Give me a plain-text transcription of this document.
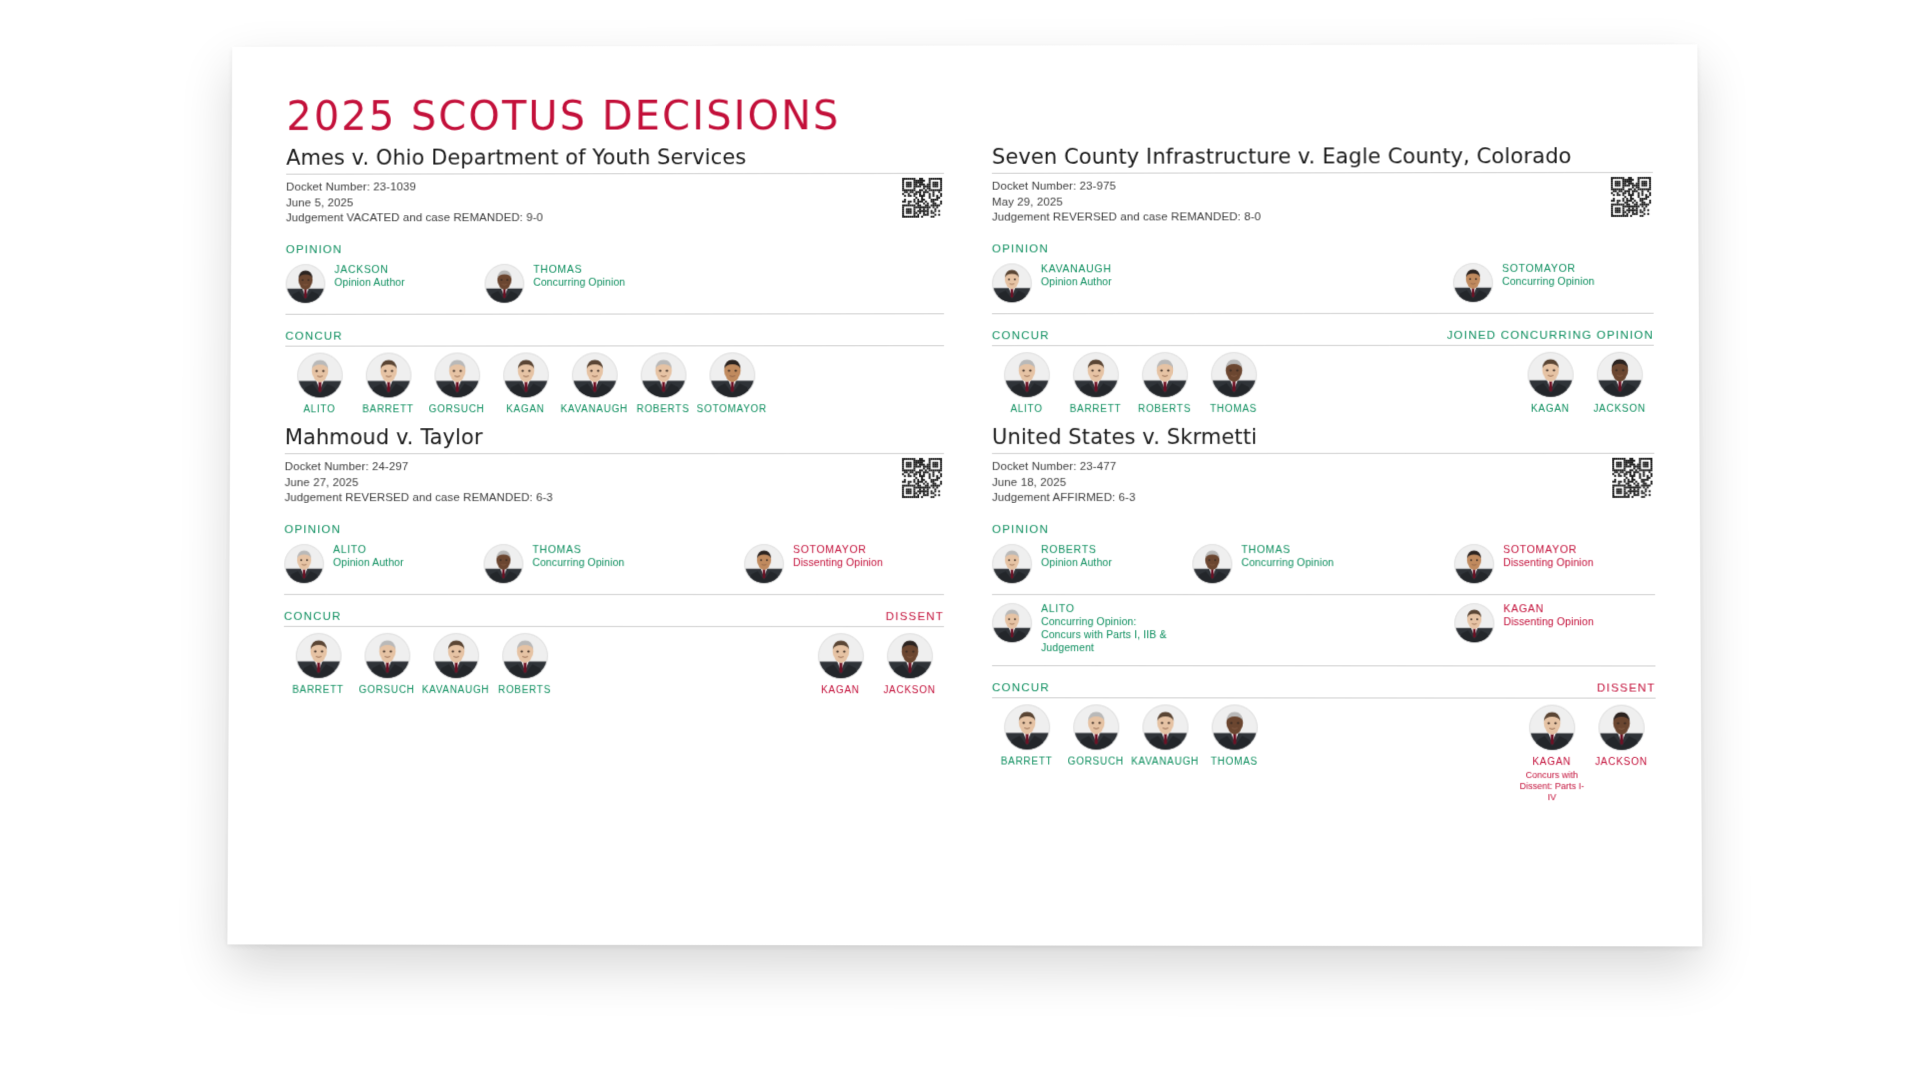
2025 SCOTUS DECISIONS
Ames v. Ohio Department of Youth Services
Docket Number: 23-1039
June 5, 2025
Judgement VACATED and case REMANDED: 9-0
OPINION
JACKSON
Opinion Author
THOMAS
Concurring Opinion
CONCUR
ALITO	BARRETT GORSUCH KAGAN KAVANAUGH ROBERTS SOTOMAYOR
Seven County Infrastructure v. Eagle County, Colorado
Docket Number: 23-975
May 29, 2025
Judgement REVERSED and case REMANDED: 8-0
OPINION
KAVANAUGH
Opinion Author
SOTOMAYOR
Concurring Opinion
CONCUR	JOINED CONCURRING OPINION
ALITO	BARRETT ROBERTS THOMAS	KAGAN JACKSON
Mahmoud v. Taylor
Docket Number: 24-297
June 27, 2025
Judgement REVERSED and case REMANDED: 6-3
OPINION
ALITO
Opinion Author
THOMAS
Concurring Opinion
SOTOMAYOR
Dissenting Opinion
CONCUR	DISSENT
BARRETT GORSUCH KAVANAUGH ROBERTS	KAGAN JACKSON
United States v. Skrmetti
Docket Number: 23-477
June 18, 2025
Judgement AFFIRMED: 6-3
OPINION
ROBERTS
Opinion Author
THOMAS
Concurring Opinion
SOTOMAYOR
Dissenting Opinion
ALITO
Concurring Opinion:
Concurs with Parts I, IIB & Judgement
KAGAN
Dissenting Opinion
CONCUR	DISSENT
BARRETT GORSUCH KAVANAUGH THOMAS	KAGAN
Concurs with Dissent: Parts I-IV
JACKSON
